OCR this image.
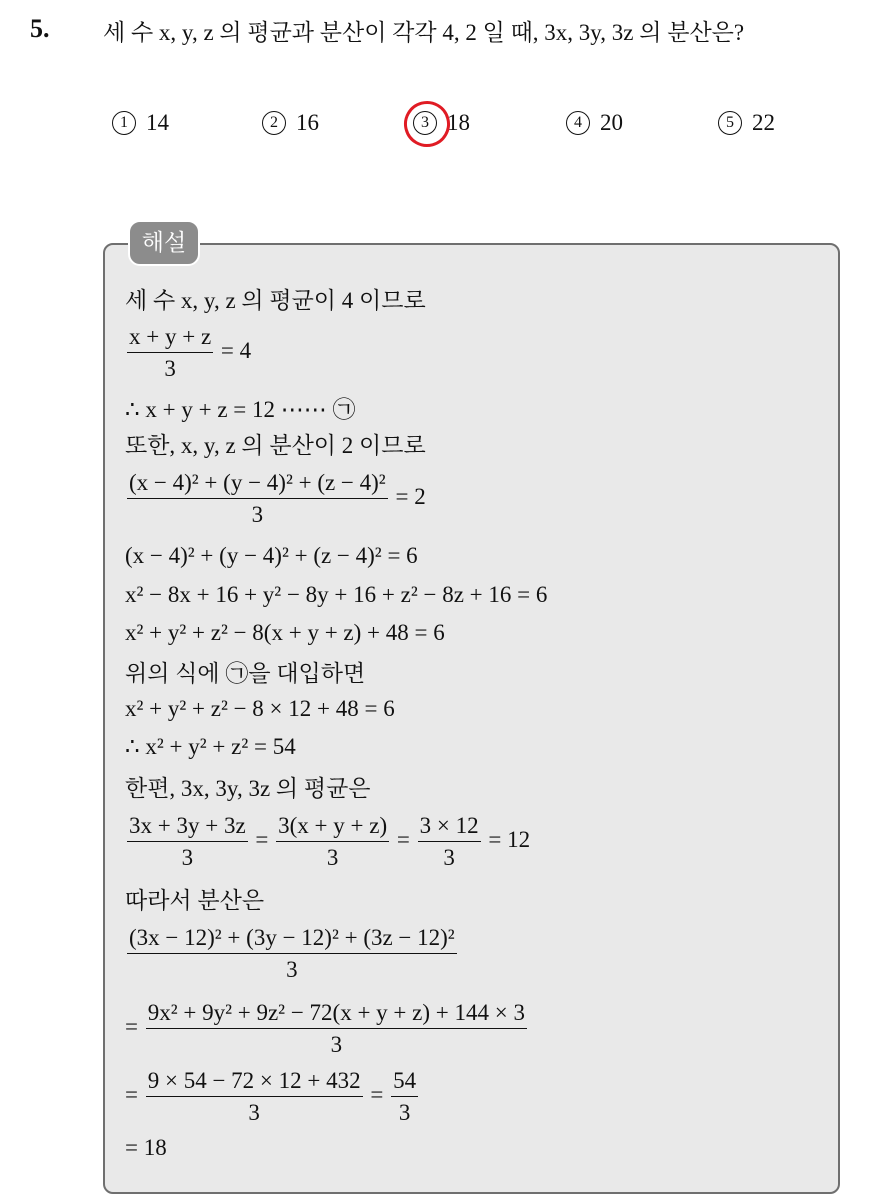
5. 세 수 x, y, z 의 평균과 분산이 각각 4, 2 일 때, 3x, 3y, 3z 의 분산은?
1 14	2 16	3 18	4 20	5 22
해설
세 수 x, y, z 의 평균이 4 이므로
$\frac{x + y + z}{3} = 4$
∴ x + y + z = 12 ⋯⋯ ㉠
또한, x, y, z 의 분산이 2 이므로
$\frac{\text{(x − 4)² + (y − 4)² + (z − 4)²}}{3} = 2$
(x − 4)² + (y − 4)² + (z − 4)² = 6
x² − 8x + 16 + y² − 8y + 16 + z² − 8z + 16 = 6
x² + y² + z² − 8(x + y + z) + 48 = 6
위의 식에 ㉠을 대입하면
x² + y² + z² − 8 × 12 + 48 = 6
∴ x² + y² + z² = 54
한편, 3x, 3y, 3z 의 평균은
$\frac{3x + 3y + 3z}{3} = \frac{3(x + y + z)}{3} = \frac{3 \times 12}{3} = 12$
따라서 분산은
$\frac{\text{(3x − 12)² + (3y − 12)² + (3z − 12)²}}{3}$
= $\frac{\text{9x² + 9y² + 9z² − 72(x + y + z) + 144 × 3}}{3}$
= $\frac{9 \times 54 - 72 \times 12 + 432}{3} = \frac{54}{3}$
= 18
